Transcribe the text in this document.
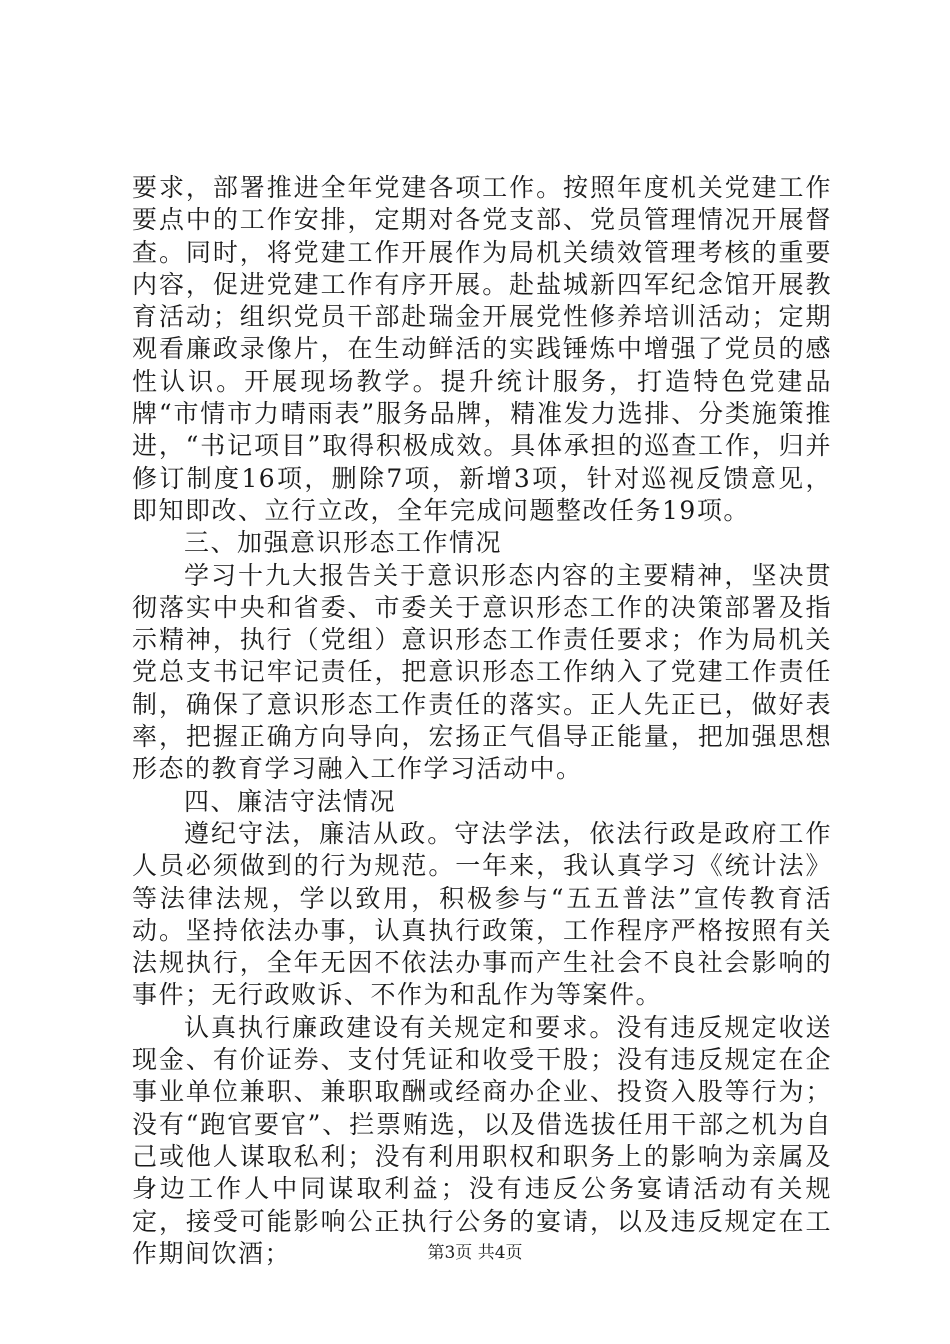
要求，部署推进全年党建各项工作。按照年度机关党建工作要点中的工作安排，定期对各党支部、党员管理情况开展督查。同时，将党建工作开展作为局机关绩效管理考核的重要内容，促进党建工作有序开展。赴盐城新四军纪念馆开展教育活动；组织党员干部赴瑞金开展党性修养培训活动；定期观看廉政录像片，在生动鲜活的实践锤炼中增强了党员的感性认识。开展现场教学。提升统计服务，打造特色党建品牌“市情市力晴雨表”服务品牌，精准发力选排、分类施策推进，“书记项目”取得积极成效。具体承担的巡查工作，归并修订制度16项，删除7项，新增3项，针对巡视反馈意见，即知即改、立行立改，全年完成问题整改任务19项。

三、加强意识形态工作情况

学习十九大报告关于意识形态内容的主要精神，坚决贯彻落实中央和省委、市委关于意识形态工作的决策部署及指示精神，执行（党组）意识形态工作责任要求；作为局机关党总支书记牢记责任，把意识形态工作纳入了党建工作责任制，确保了意识形态工作责任的落实。正人先正已，做好表率，把握正确方向导向，宏扬正气倡导正能量，把加强思想形态的教育学习融入工作学习活动中。

四、廉洁守法情况

遵纪守法，廉洁从政。守法学法，依法行政是政府工作人员必须做到的行为规范。一年来，我认真学习《统计法》等法律法规，学以致用，积极参与“五五普法”宣传教育活动。坚持依法办事，认真执行政策，工作程序严格按照有关法规执行，全年无因不依法办事而产生社会不良社会影响的事件；无行政败诉、不作为和乱作为等案件。

认真执行廉政建设有关规定和要求。没有违反规定收送现金、有价证券、支付凭证和收受干股；没有违反规定在企事业单位兼职、兼职取酬或经商办企业、投资入股等行为；没有“跑官要官”、拦票贿选，以及借选拔任用干部之机为自己或他人谋取私利；没有利用职权和职务上的影响为亲属及身边工作人中同谋取利益；没有违反公务宴请活动有关规定，接受可能影响公正执行公务的宴请，以及违反规定在工作期间饮酒；	第3页 共4页
